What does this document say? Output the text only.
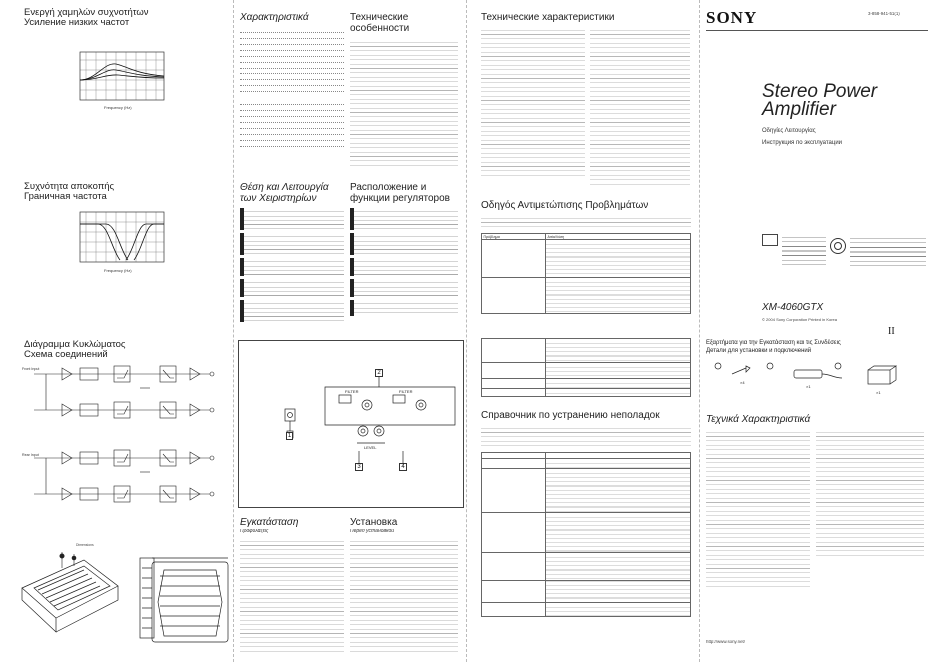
Ενεργή χαμηλών συχνοτήτων
Усиление низких частот
Frequency (Hz)
Συχνότητα αποκοπής
Граничная частота
Frequency (Hz)
Διάγραμμα Κυκλώματος
Схема соединений
Front Input
Rear Input
Dimensions
Χαρακτηριστικά
Θέση και Λειτουργία
των Χειριστηρίων
Εγκατάσταση
Προφυλάξεις
Технические
особенности
Расположение и
функции регуляторов
FILTER	FILTER
LEVEL
1
2
3	4
Установка
Перед установкой
Технические характеристики
Οδηγός Αντιμετώπισης Προβλημάτων
Πρόβλημα	Αιτία/Λύση

Справочник по устранению неполадок

SONY	3-858-941-51(1)
Stereo Power
Amplifier
Οδηγίες Λειτουργίας
Инструкция по эксплуатации
XM-4060GTX
© 2004 Sony Corporation Printed in Korea
II
Εξαρτήματα για την Εγκατάσταση και τις Συνδέσεις
Детали для установки и подключений
×4
×1
×1
Τεχνικά Χαρακτηριστικά
http://www.sony.net/
